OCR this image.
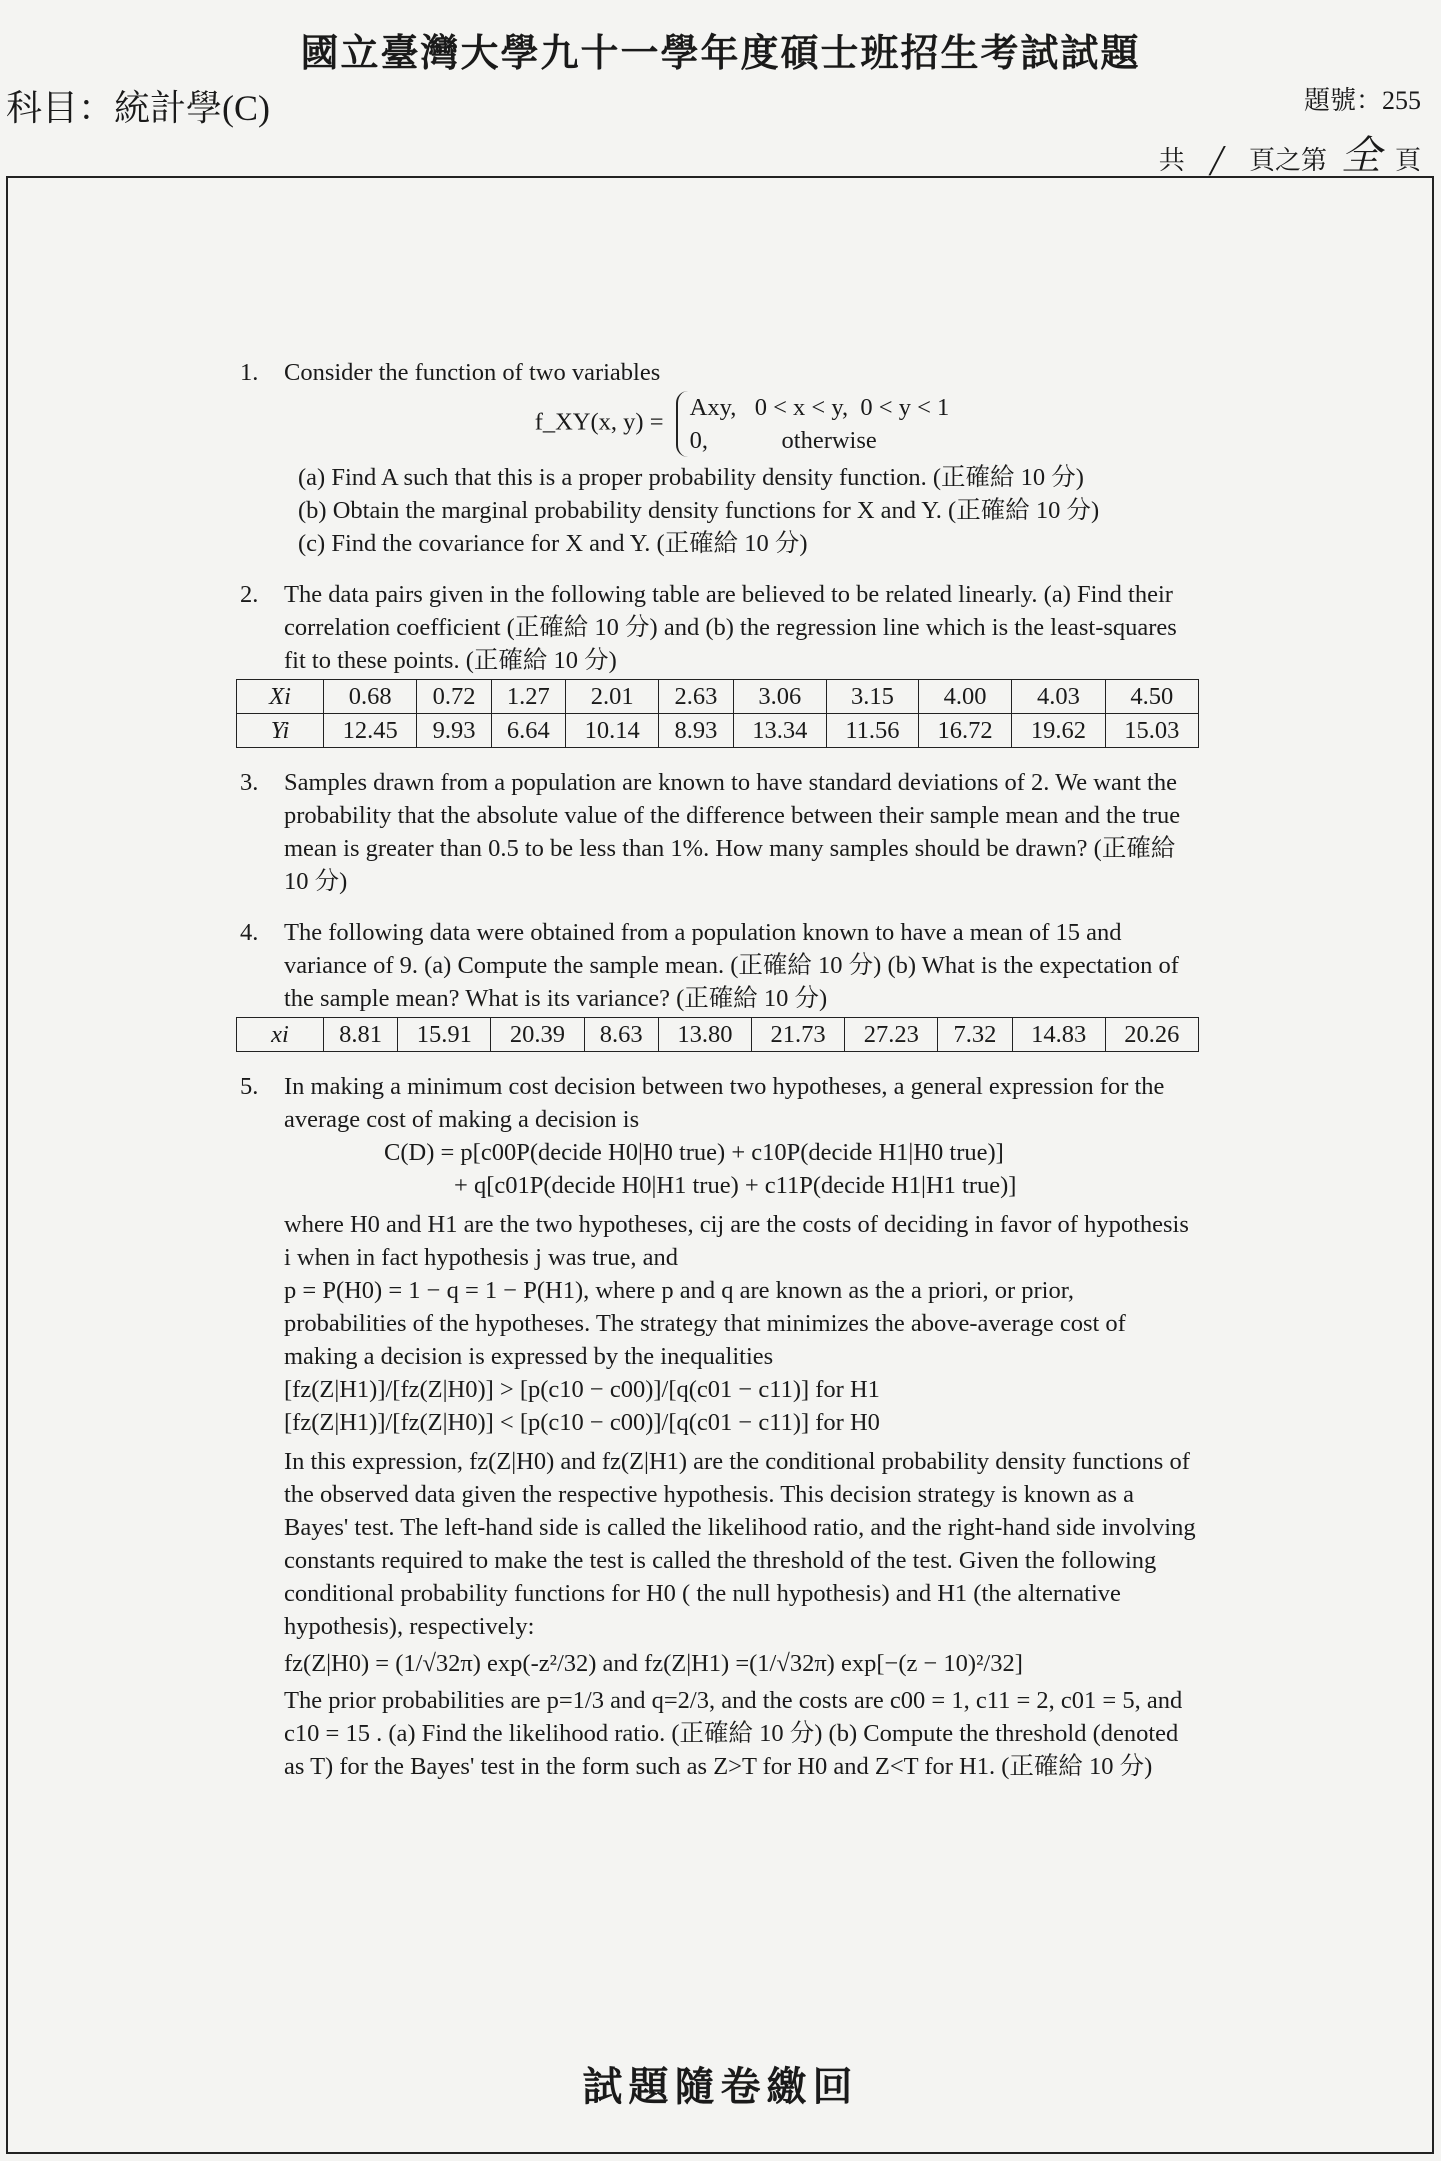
國立臺灣大學九十一學年度碩士班招生考試試題
科目：統計學(C)	題號：255
共 / 頁之第 全 頁
1. Consider the function of two variables
f_XY(x, y) =
Axy,   0 < x < y,  0 < y < 1
0,            otherwise
(a) Find A such that this is a proper probability density function. (正確給 10 分)
(b) Obtain the marginal probability density functions for X and Y. (正確給 10 分)
(c) Find the covariance for X and Y. (正確給 10 分)
2. The data pairs given in the following table are believed to be related linearly. (a) Find their correlation coefficient (正確給 10 分) and (b) the regression line which is the least-squares fit to these points. (正確給 10 分)
Xi	0.68	0.72	1.27	2.01	2.63	3.06	3.15	4.00	4.03	4.50
Yi	12.45	9.93	6.64	10.14	8.93	13.34	11.56	16.72	19.62	15.03
3. Samples drawn from a population are known to have standard deviations of 2. We want the probability that the absolute value of the difference between their sample mean and the true mean is greater than 0.5 to be less than 1%. How many samples should be drawn? (正確給 10 分)
4. The following data were obtained from a population known to have a mean of 15 and variance of 9. (a) Compute the sample mean. (正確給 10 分) (b) What is the expectation of the sample mean? What is its variance? (正確給 10 分)
xi	8.81	15.91	20.39	8.63	13.80	21.73	27.23	7.32	14.83	20.26
5. In making a minimum cost decision between two hypotheses, a general expression for the average cost of making a decision is
C(D) = p[c00P(decide H0|H0 true) + c10P(decide H1|H0 true)]
+ q[c01P(decide H0|H1 true) + c11P(decide H1|H1 true)]
where H0 and H1 are the two hypotheses, cij are the costs of deciding in favor of hypothesis i when in fact hypothesis j was true, and
p = P(H0) = 1 − q = 1 − P(H1), where p and q are known as the a priori, or prior, probabilities of the hypotheses. The strategy that minimizes the above-average cost of making a decision is expressed by the inequalities
[fz(Z|H1)]/[fz(Z|H0)] > [p(c10 − c00)]/[q(c01 − c11)] for H1
[fz(Z|H1)]/[fz(Z|H0)] < [p(c10 − c00)]/[q(c01 − c11)] for H0
In this expression, fz(Z|H0) and fz(Z|H1) are the conditional probability density functions of the observed data given the respective hypothesis. This decision strategy is known as a Bayes' test. The left-hand side is called the likelihood ratio, and the right-hand side involving constants required to make the test is called the threshold of the test. Given the following conditional probability functions for H0 ( the null hypothesis) and H1 (the alternative hypothesis), respectively:
fz(Z|H0) = (1/√32π) exp(-z²/32) and fz(Z|H1) =(1/√32π) exp[−(z − 10)²/32]
The prior probabilities are p=1/3 and q=2/3, and the costs are c00 = 1, c11 = 2, c01 = 5, and c10 = 15 . (a) Find the likelihood ratio. (正確給 10 分) (b) Compute the threshold (denoted as T) for the Bayes' test in the form such as Z>T for H0 and Z<T for H1. (正確給 10 分)
試題隨卷繳回
